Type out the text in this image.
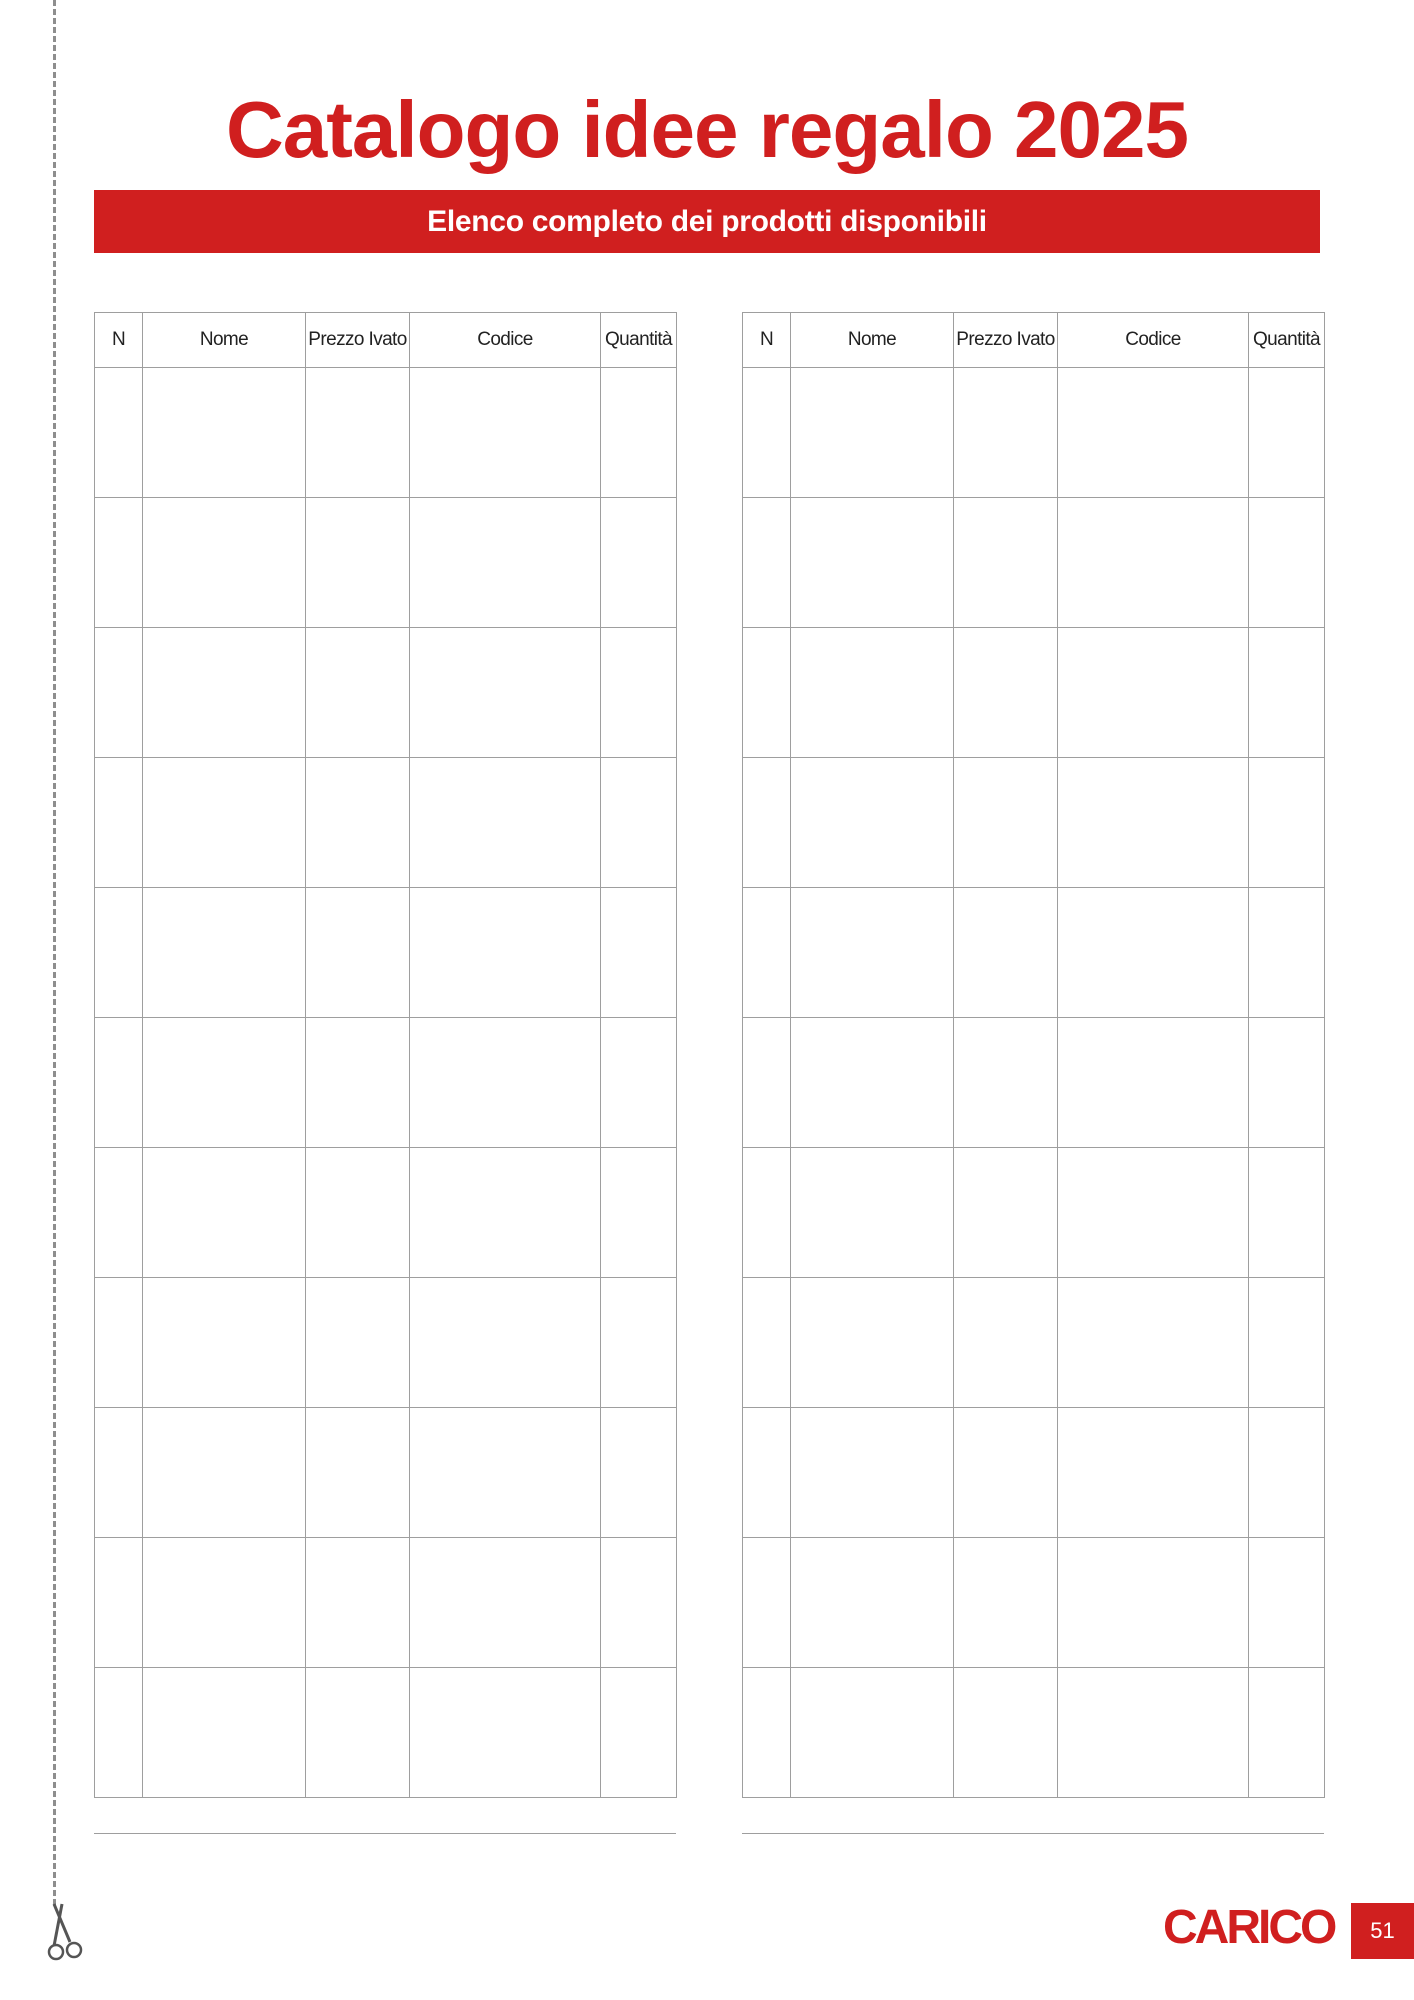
Catalogo idee regalo 2025
Elenco completo dei prodotti disponibili
N	Nome	Prezzo Ivato	Codice	Quantità

					N	Nome	Prezzo Ivato	Codice	Quantità

CARICO 51
